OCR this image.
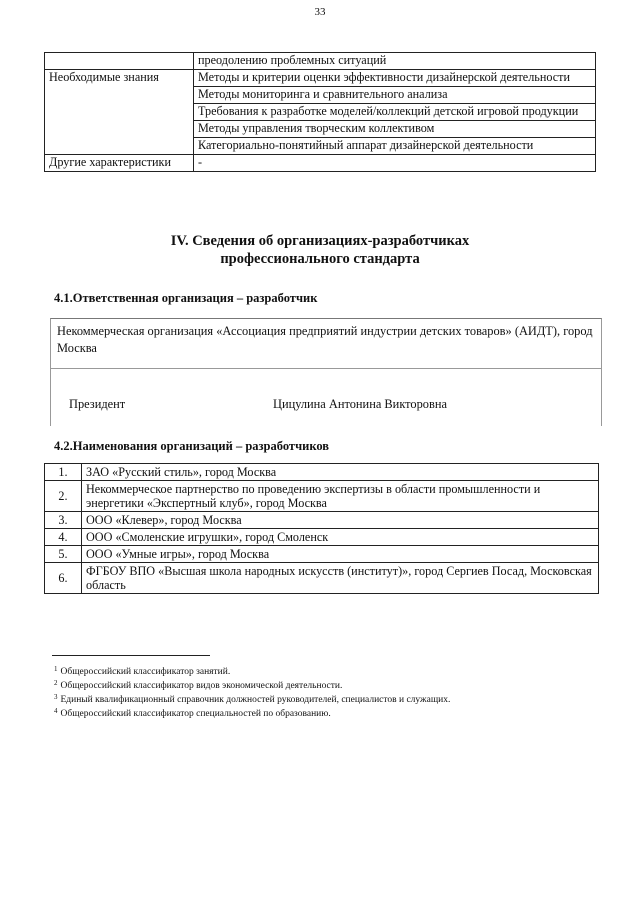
33
	преодолению проблемных ситуаций
Необходимые знания	Методы и критерии оценки эффективности дизайнерской деятельности
	Методы мониторинга и сравнительного анализа
	Требования к разработке моделей/коллекций детской игровой продукции
	Методы управления творческим коллективом
	Категориально-понятийный аппарат дизайнерской деятельности
Другие характеристики	-
IV. Сведения об организациях-разработчиках
профессионального стандарта
4.1.Ответственная организация – разработчик
Некоммерческая организация «Ассоциация предприятий индустрии детских товаров» (АИДТ), город Москва
Президент	Цицулина Антонина Викторовна
4.2.Наименования организаций – разработчиков
1.	ЗАО «Русский стиль», город Москва
2.	Некоммерческое партнерство по проведению экспертизы в области промышленности и энергетики «Экспертный клуб», город Москва
3.	ООО «Клевер», город Москва
4.	ООО «Смоленские игрушки», город Смоленск
5.	ООО «Умные игры», город Москва
6.	ФГБОУ ВПО «Высшая школа народных искусств (институт)», город Сергиев Посад, Московская область
$^1$ Общероссийский классификатор занятий.
$^2$ Общероссийский классификатор видов экономической деятельности.
$^3$ Единый квалификационный справочник должностей руководителей, специалистов и служащих.
$^4$ Общероссийский классификатор специальностей по образованию.
